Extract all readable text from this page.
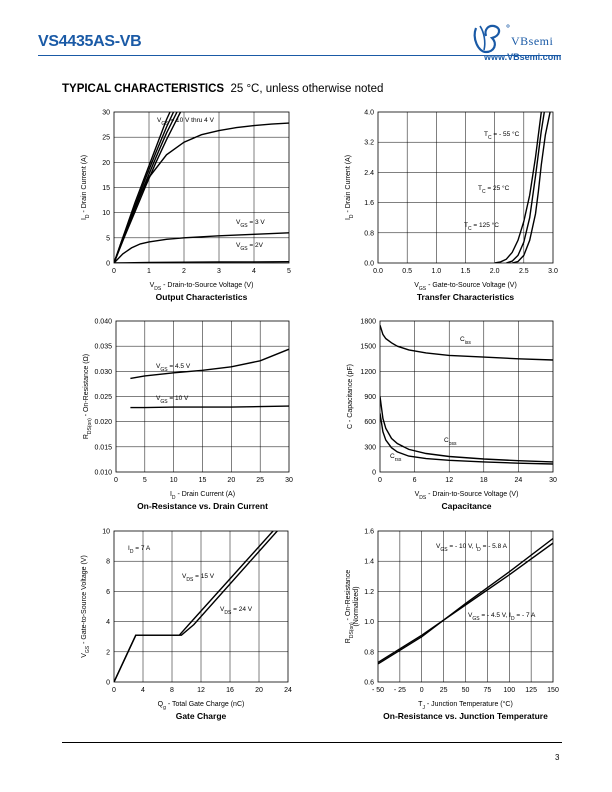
VS4435AS-VB	VBsemi
www.VBsemi.com
TYPICAL CHARACTERISTICS 25 °C, unless otherwise noted
0	1	2	3	4	5
0
5
10
15
20
25
30
$V_{DS}$ - Drain-to-Source Voltage (V)
$I_D$ - Drain Current (A)
Output Characteristics
$V_{GS} = 10$ V thru 4 V
$V_{GS} = 3$ V
$V_{GS} = 2V$
0.0	0.5	1.0	1.5	2.0	2.5	3.0
0.0
0.8
1.6
2.4
3.2
4.0
$V_{GS}$ - Gate-to-Source Voltage (V)
$I_D$ - Drain Current (A)
Transfer Characteristics
$T_C$ = - 55 °C
$T_C = 25$ °C
$T_C = 125$ °C
0	5	10	15	20	25	30
0.010
0.015
0.020
0.025
0.030
0.035
0.040
$I_D$ - Drain Current (A)
$R_{DS(on)}$ - On-Resistance (Ω)
On-Resistance vs. Drain Current
$V_{GS} = 4.5$ V
$V_{GS} = 10$ V
0	6	12	18	24	30
0
300
600
900
1200
1500
1800
$V_{DS}$ - Drain-to-Source Voltage (V)
C - Capacitance (pF)
Capacitance
$C_{iss}$
$C_{oss}$
$C_{rss}$
0	4	8	12	16	20	24
0
2
4
6
8
10
$Q_g$ - Total Gate Charge (nC)
$V_{GS}$ - Gate-to-Source Voltage (V)
Gate Charge
$I_D = 7$ A
$V_{DS} = 15$ V
$V_{DS} = 24$ V
- 50 - 25 0 25 50 75 100 125 150
0.6
0.8
1.0
1.2
1.4
1.6
$T_J$ - Junction Temperature (°C)
$R_{DS(on)}$ - On-Resistance (Normalized)
On-Resistance vs. Junction Temperature
$V_{GS}$ = - 10 V, $I_D$ = - 5.8 A
$V_{GS}$ = - 4.5 V, $I_D$ = - 7 A
3
